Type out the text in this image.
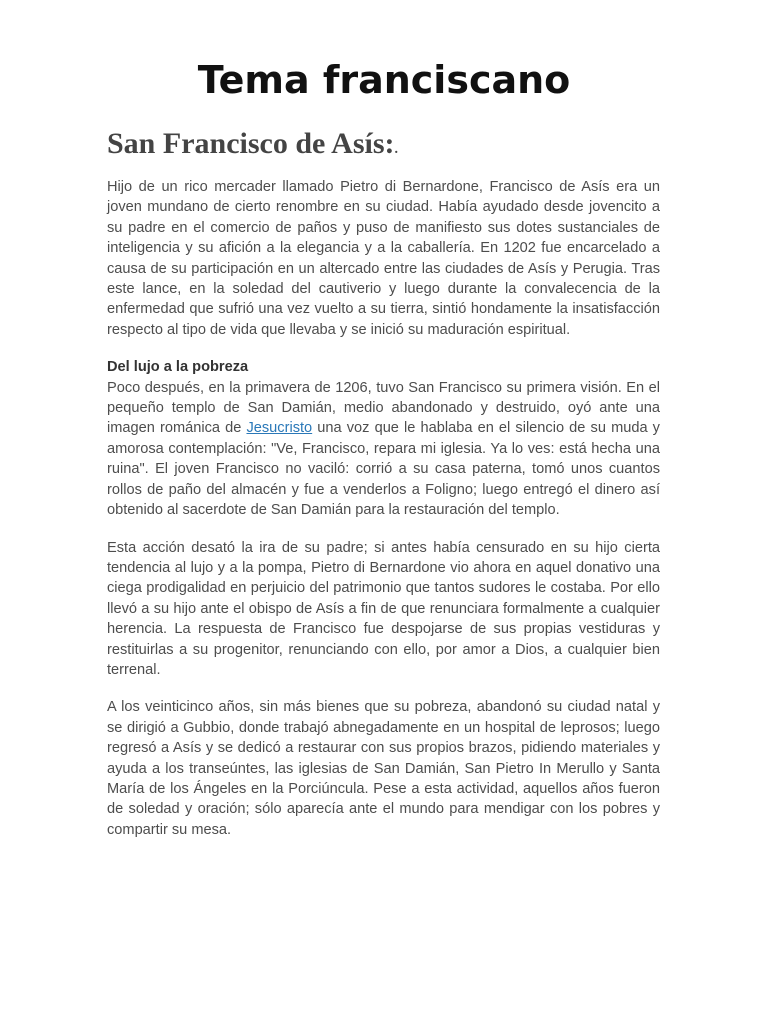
Tema franciscano
San Francisco de Asís:.

Hijo de un rico mercader llamado Pietro di Bernardone, Francisco de Asís era un joven mundano de cierto renombre en su ciudad. Había ayudado desde jovencito a su padre en el comercio de paños y puso de manifiesto sus dotes sustanciales de inteligencia y su afición a la elegancia y a la caballería. En 1202 fue encarcelado a causa de su participación en un altercado entre las ciudades de Asís y Perugia. Tras este lance, en la soledad del cautiverio y luego durante la convalecencia de la enfermedad que sufrió una vez vuelto a su tierra, sintió hondamente la insatisfacción respecto al tipo de vida que llevaba y se inició su maduración espiritual.

Del lujo a la pobreza

Poco después, en la primavera de 1206, tuvo San Francisco su primera visión. En el pequeño templo de San Damián, medio abandonado y destruido, oyó ante una imagen románica de Jesucristo una voz que le hablaba en el silencio de su muda y amorosa contemplación: "Ve, Francisco, repara mi iglesia. Ya lo ves: está hecha una ruina". El joven Francisco no vaciló: corrió a su casa paterna, tomó unos cuantos rollos de paño del almacén y fue a venderlos a Foligno; luego entregó el dinero así obtenido al sacerdote de San Damián para la restauración del templo.

Esta acción desató la ira de su padre; si antes había censurado en su hijo cierta tendencia al lujo y a la pompa, Pietro di Bernardone vio ahora en aquel donativo una ciega prodigalidad en perjuicio del patrimonio que tantos sudores le costaba. Por ello llevó a su hijo ante el obispo de Asís a fin de que renunciara formalmente a cualquier herencia. La respuesta de Francisco fue despojarse de sus propias vestiduras y restituirlas a su progenitor, renunciando con ello, por amor a Dios, a cualquier bien terrenal.

A los veinticinco años, sin más bienes que su pobreza, abandonó su ciudad natal y se dirigió a Gubbio, donde trabajó abnegadamente en un hospital de leprosos; luego regresó a Asís y se dedicó a restaurar con sus propios brazos, pidiendo materiales y ayuda a los transeúntes, las iglesias de San Damián, San Pietro In Merullo y Santa María de los Ángeles en la Porciúncula. Pese a esta actividad, aquellos años fueron de soledad y oración; sólo aparecía ante el mundo para mendigar con los pobres y compartir su mesa.
